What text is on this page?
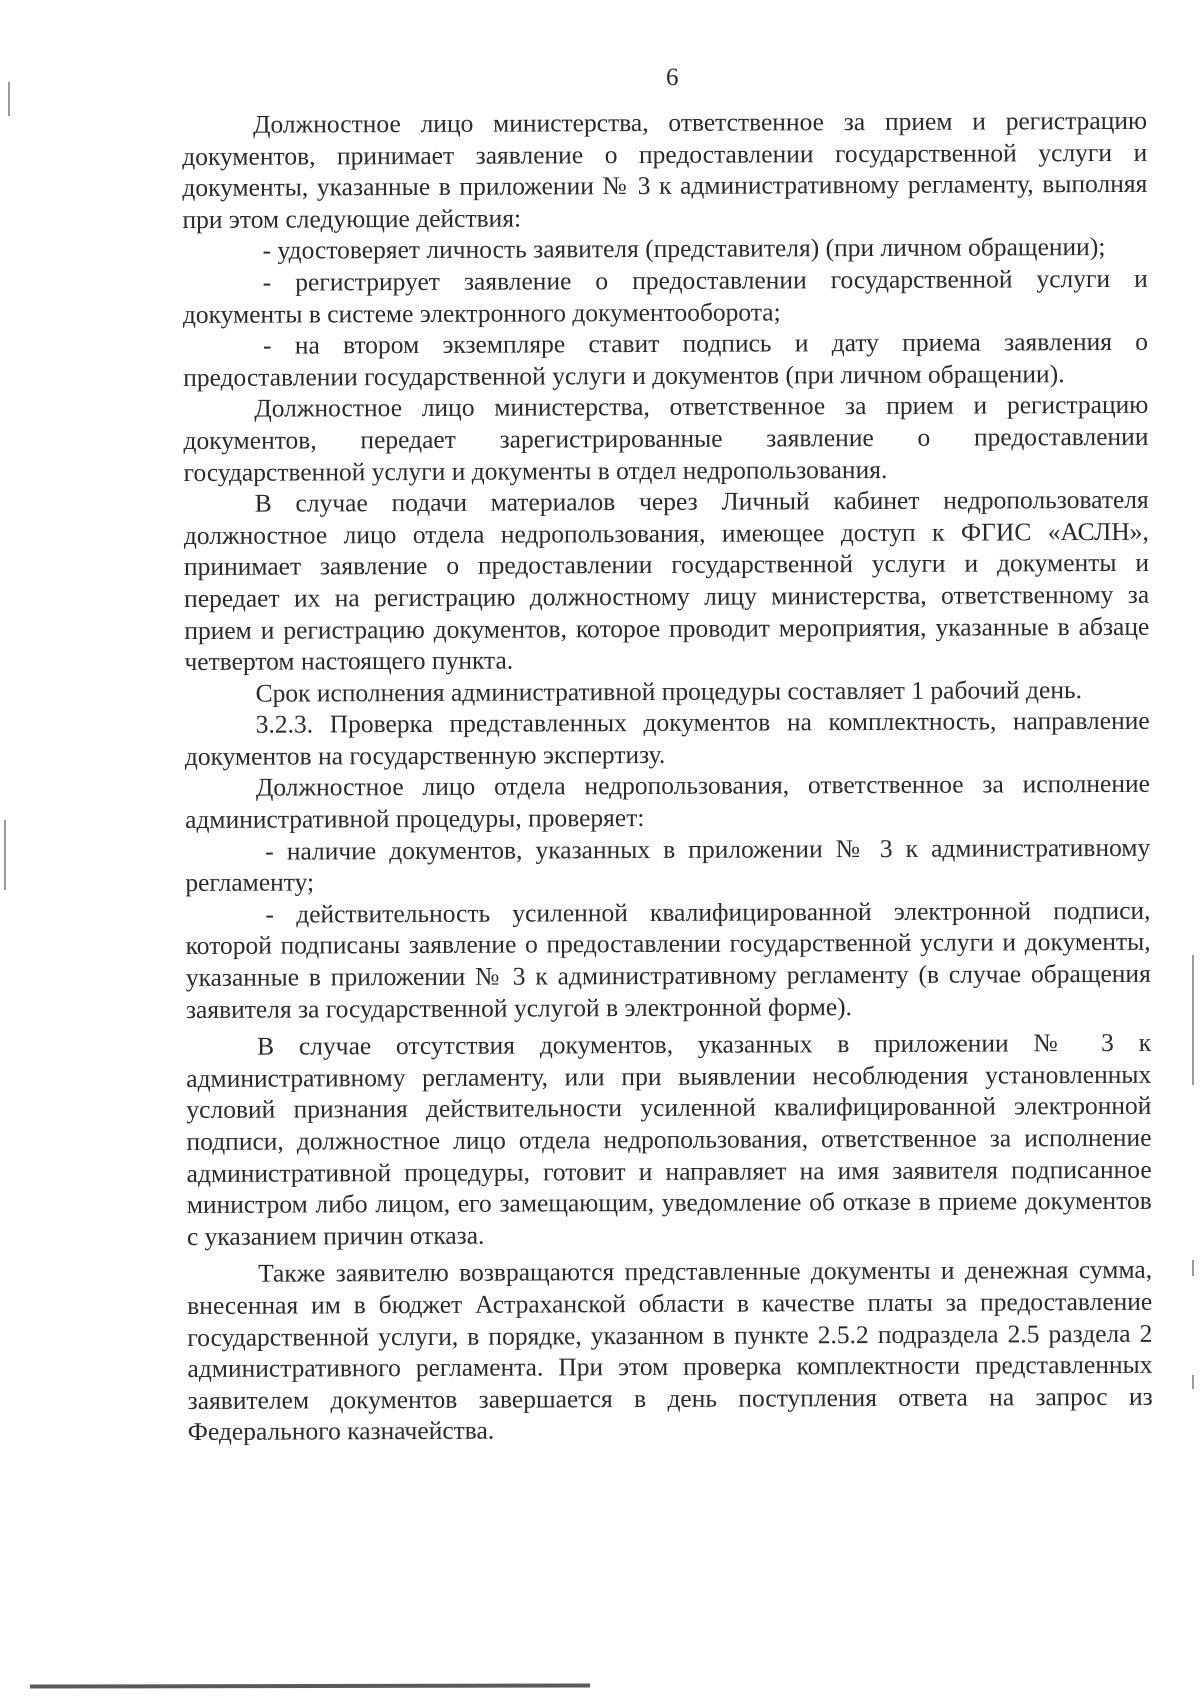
6

Должностное лицо министерства, ответственное за прием и регистрацию документов, принимает заявление о предоставлении государственной услуги и документы, указанные в приложении № 3 к административному регламенту, выполняя при этом следующие действия:

- удостоверяет личность заявителя (представителя) (при личном обращении);

- регистрирует заявление о предоставлении государственной услуги и документы в системе электронного документооборота;

- на втором экземпляре ставит подпись и дату приема заявления о предоставлении государственной услуги и документов (при личном обращении).

Должностное лицо министерства, ответственное за прием и регистрацию документов, передает зарегистрированные заявление о предоставлении государственной услуги и документы в отдел недропользования.

В случае подачи материалов через Личный кабинет недропользователя должностное лицо отдела недропользования, имеющее доступ к ФГИС «АСЛН», принимает заявление о предоставлении государственной услуги и документы и передает их на регистрацию должностному лицу министерства, ответственному за прием и регистрацию документов, которое проводит мероприятия, указанные в абзаце четвертом настоящего пункта.

Срок исполнения административной процедуры составляет 1 рабочий день.

3.2.3. Проверка представленных документов на комплектность, направление документов на государственную экспертизу.

Должностное лицо отдела недропользования, ответственное за исполнение административной процедуры, проверяет:

- наличие документов, указанных в приложении № 3 к административному регламенту;

- действительность усиленной квалифицированной электронной подписи, которой подписаны заявление о предоставлении государственной услуги и документы, указанные в приложении № 3 к административному регламенту (в случае обращения заявителя за государственной услугой в электронной форме).

В случае отсутствия документов, указанных в приложении № 3 к административному регламенту, или при выявлении несоблюдения установленных условий признания действительности усиленной квалифицированной электронной подписи, должностное лицо отдела недропользования, ответственное за исполнение административной процедуры, готовит и направляет на имя заявителя подписанное министром либо лицом, его замещающим, уведомление об отказе в приеме документов с указанием причин отказа.

Также заявителю возвращаются представленные документы и денежная сумма, внесенная им в бюджет Астраханской области в качестве платы за предоставление государственной услуги, в порядке, указанном в пункте 2.5.2 подраздела 2.5 раздела 2 административного регламента. При этом проверка комплектности представленных заявителем документов завершается в день поступления ответа на запрос из Федерального казначейства.
